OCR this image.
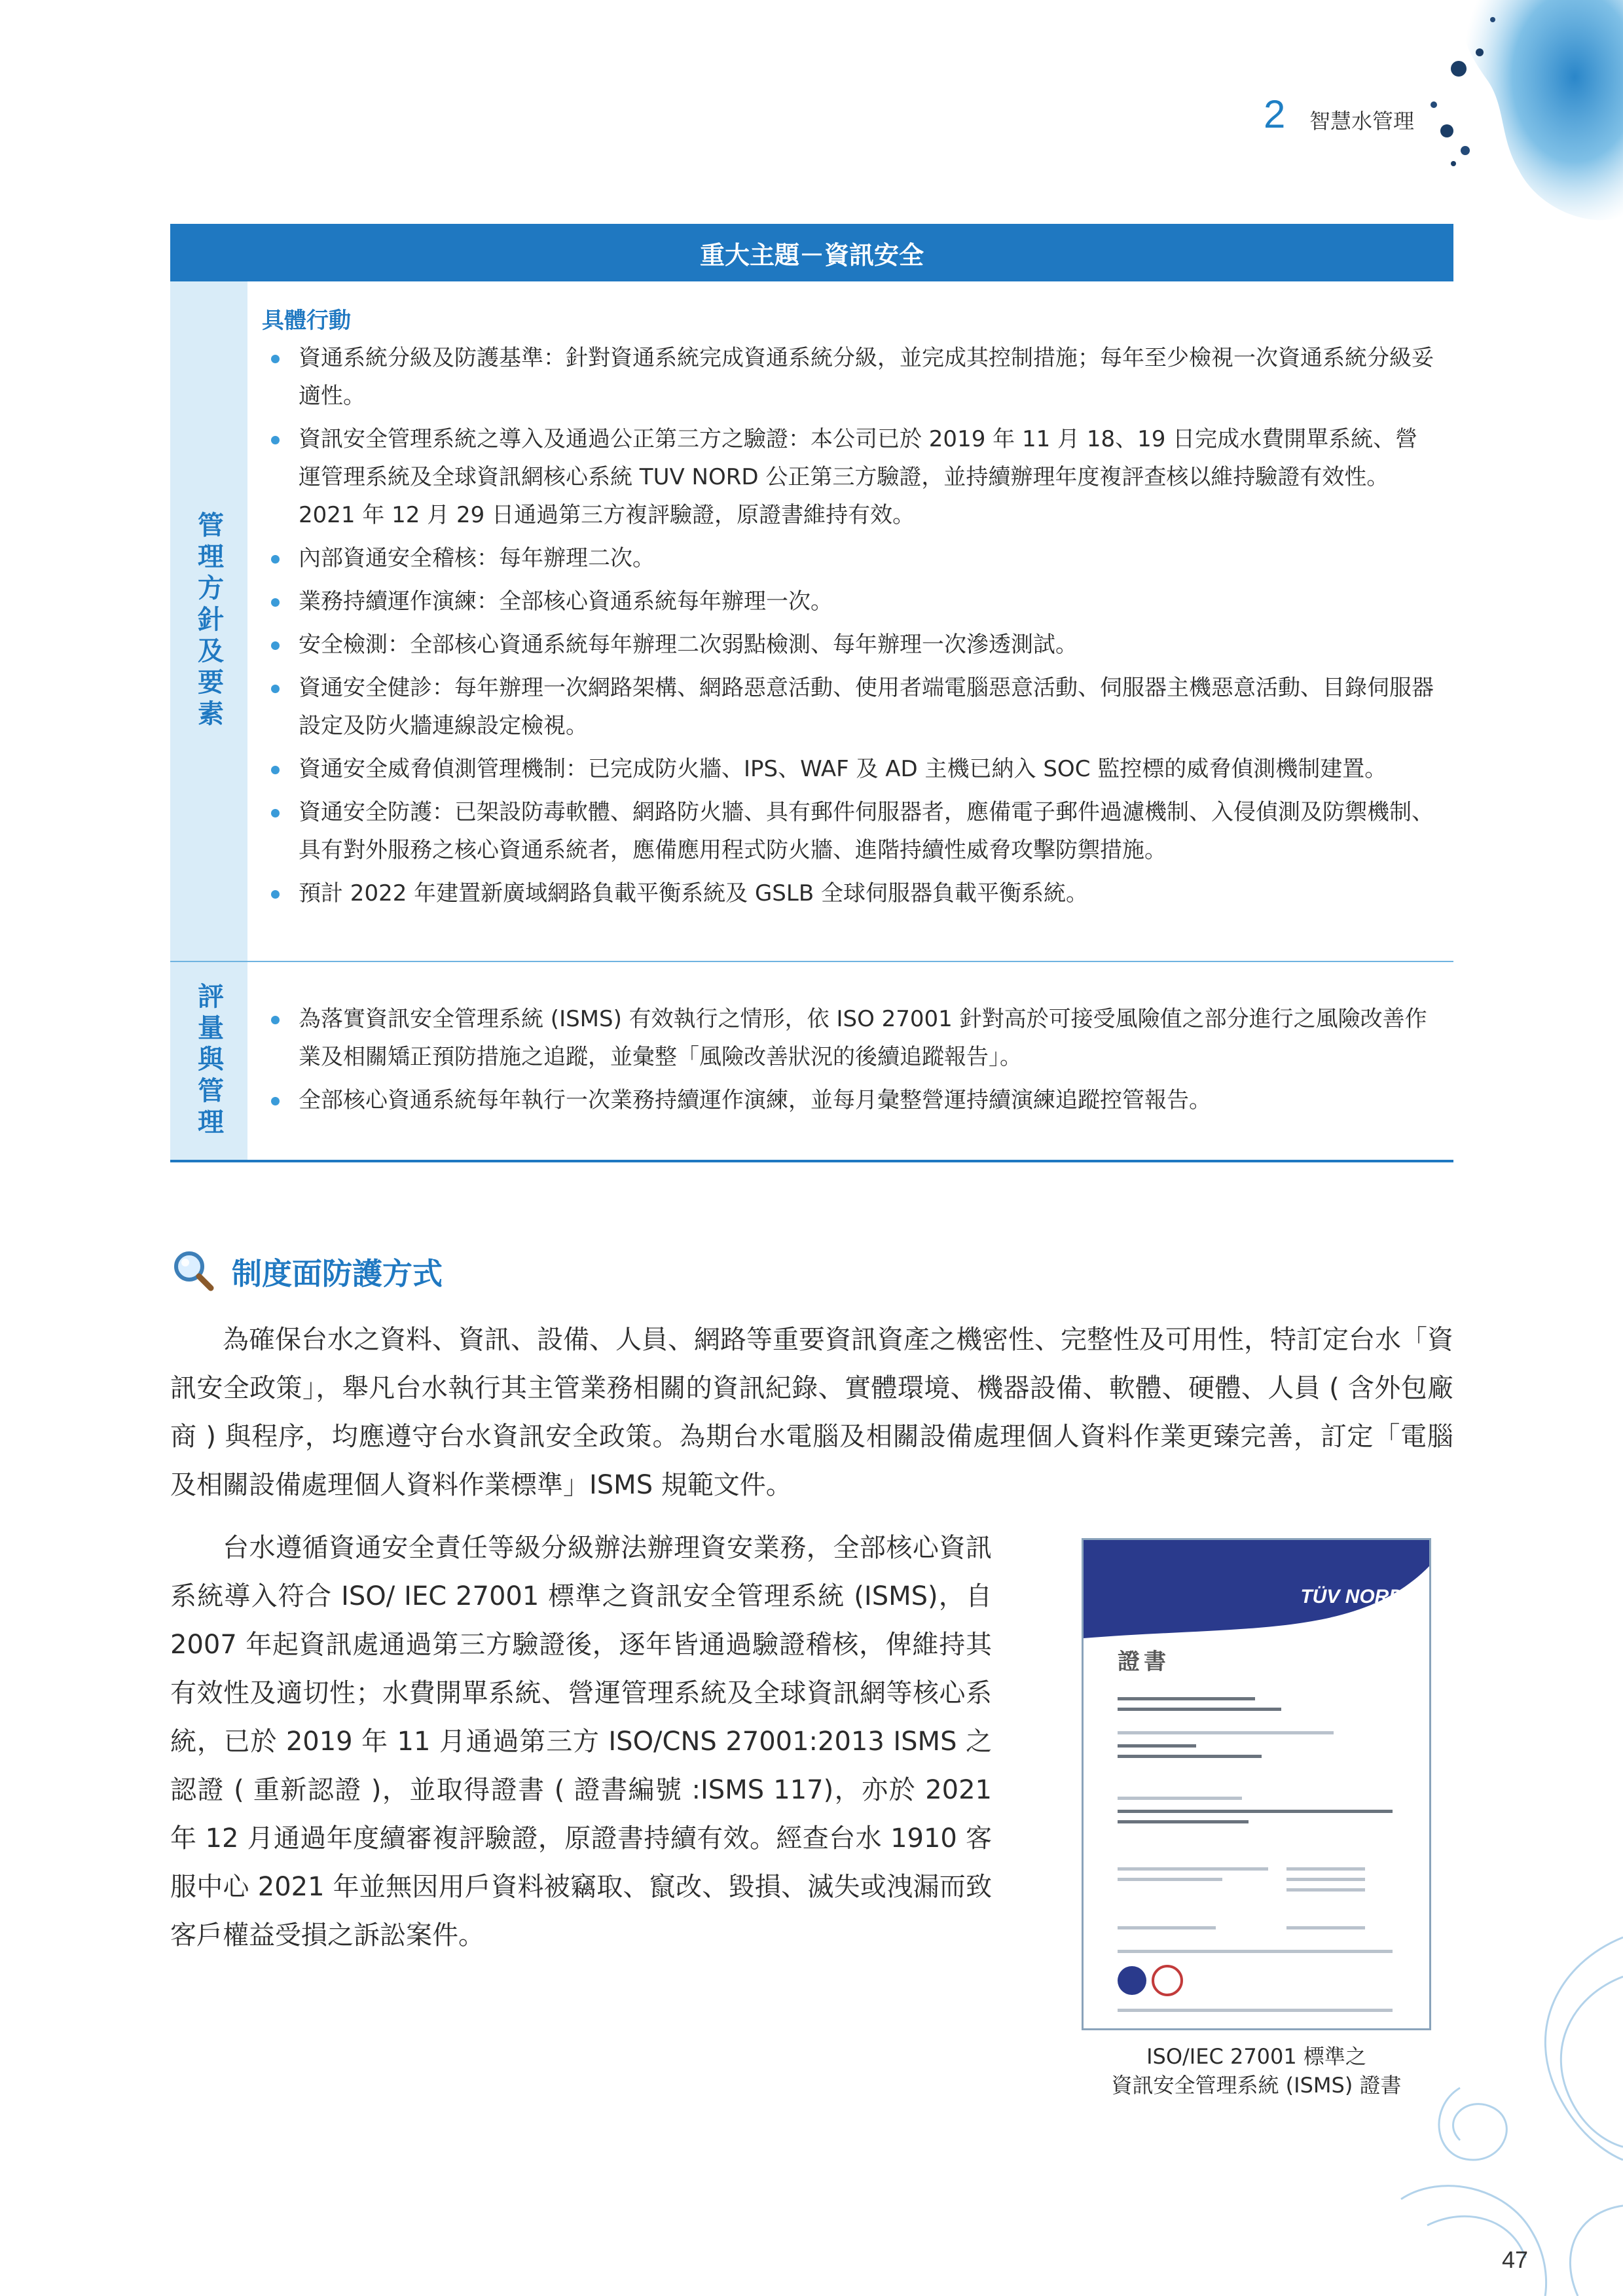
2 智慧水管理
重大主題－資訊安全
管理方針及要素
評量與管理
具體行動
資通系統分級及防護基準：針對資通系統完成資通系統分級，並完成其控制措施；每年至少檢視一次資通系統分級妥適性。
資訊安全管理系統之導入及通過公正第三方之驗證：本公司已於 2019 年 11 月 18、19 日完成水費開單系統、營運管理系統及全球資訊網核心系統 TUV NORD 公正第三方驗證，並持續辦理年度複評查核以維持驗證有效性。2021 年 12 月 29 日通過第三方複評驗證，原證書維持有效。
內部資通安全稽核：每年辦理二次。
業務持續運作演練：全部核心資通系統每年辦理一次。
安全檢測：全部核心資通系統每年辦理二次弱點檢測、每年辦理一次滲透測試。
資通安全健診：每年辦理一次網路架構、網路惡意活動、使用者端電腦惡意活動、伺服器主機惡意活動、目錄伺服器設定及防火牆連線設定檢視。
資通安全威脅偵測管理機制：已完成防火牆、IPS、WAF 及 AD 主機已納入 SOC 監控標的威脅偵測機制建置。
資通安全防護：已架設防毒軟體、網路防火牆、具有郵件伺服器者，應備電子郵件過濾機制、入侵偵測及防禦機制、具有對外服務之核心資通系統者，應備應用程式防火牆、進階持續性威脅攻擊防禦措施。
預計 2022 年建置新廣域網路負載平衡系統及 GSLB 全球伺服器負載平衡系統。
為落實資訊安全管理系統 (ISMS) 有效執行之情形，依 ISO 27001 針對高於可接受風險值之部分進行之風險改善作業及相關矯正預防措施之追蹤，並彙整「風險改善狀況的後續追蹤報告」。
全部核心資通系統每年執行一次業務持續運作演練，並每月彙整營運持續演練追蹤控管報告。
制度面防護方式
為確保台水之資料、資訊、設備、人員、網路等重要資訊資產之機密性、完整性及可用性，特訂定台水「資訊安全政策」，舉凡台水執行其主管業務相關的資訊紀錄、實體環境、機器設備、軟體、硬體、人員 ( 含外包廠商 ) 與程序，均應遵守台水資訊安全政策。為期台水電腦及相關設備處理個人資料作業更臻完善，訂定「電腦及相關設備處理個人資料作業標準」ISMS 規範文件。
台水遵循資通安全責任等級分級辦法辦理資安業務，全部核心資訊系統導入符合 ISO/ IEC 27001 標準之資訊安全管理系統 (ISMS)，自 2007 年起資訊處通過第三方驗證後，逐年皆通過驗證稽核，俾維持其有效性及適切性；水費開單系統、營運管理系統及全球資訊網等核心系統，已於 2019 年 11 月通過第三方 ISO/CNS 27001:2013 ISMS 之認證 ( 重新認證 )，並取得證書 ( 證書編號 :ISMS 117)，亦於 2021 年 12 月通過年度續審複評驗證，原證書持續有效。經查台水 1910 客服中心 2021 年並無因用戶資料被竊取、竄改、毀損、滅失或洩漏而致客戶權益受損之訴訟案件。
TÜV NORD
證書
ISO/IEC 27001 標準之
資訊安全管理系統 (ISMS) 證書
47
